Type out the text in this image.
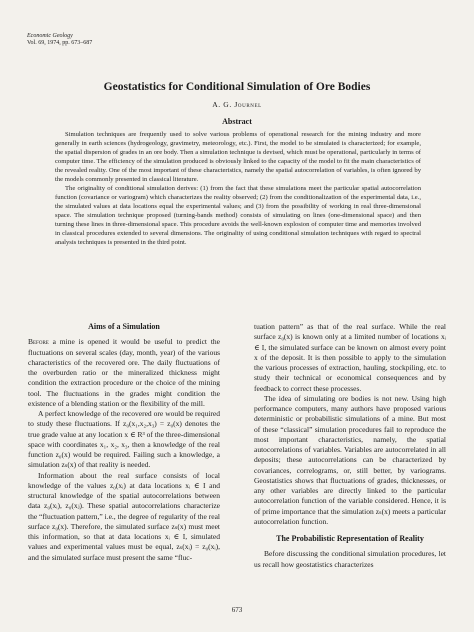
Economic Geology
Vol. 69, 1974, pp. 673–687
Geostatistics for Conditional Simulation of Ore Bodies
A. G. Journel
Abstract

Simulation techniques are frequently used to solve various problems of operational research for the mining industry and more generally in earth sciences (hydrogeology, gravimetry, meteorology, etc.). First, the model to be simulated is characterized; for example, the spatial dispersion of grades in an ore body. Then a simulation technique is devised, which must be operational, particularly in terms of computer time. The efficiency of the simulation produced is obviously linked to the capacity of the model to fit the main characteristics of the revealed reality. One of the most important of these characteristics, namely the spatial autocorrelation of variables, is often ignored by the models commonly presented in classical literature.

The originality of conditional simulation derives: (1) from the fact that these simulations meet the particular spatial autocorrelation function (covariance or variogram) which characterizes the reality observed; (2) from the conditionalization of the experimental data, i.e., the simulated values at data locations equal the experimental values; and (3) from the possibility of working in real three-dimensional space. The simulation technique proposed (turning-bands method) consists of simulating on lines (one-dimensional space) and then turning these lines in three-dimensional space. This procedure avoids the well-known explosion of computer time and memories involved in classical procedures extended to several dimensions. The originality of using conditional simulation techniques with regard to spectral analysis techniques is presented in the third point.

Aims of a Simulation

Before a mine is opened it would be useful to predict the fluctuations on several scales (day, month, year) of the various characteristics of the recovered ore. The daily fluctuations of the overburden ratio or the mineralized thickness might condition the extraction procedure or the choice of the mining tool. The fluctuations in the grades might condition the existence of a blending station or the flexibility of the mill.

A perfect knowledge of the recovered ore would be required to study these fluctuations. If z₀(x₁,x₂,x₃) = z₀(x) denotes the true grade value at any location x ∈ R³ of the three-dimensional space with coordinates x₁, x₂, x₃, then a knowledge of the real function z₀(x) would be required. Failing such a knowledge, a simulation zₛ(x) of that reality is needed.

Information about the real surface consists of local knowledge of the values z₀(xᵢ) at data locations xᵢ ∈ I and structural knowledge of the spatial autocorrelations between data z₀(xᵢ), z₀(xⱼ). These spatial autocorrelations characterize the “fluctuation pattern,” i.e., the degree of regularity of the real surface z₀(x). Therefore, the simulated surface zₛ(x) must meet this information, so that at data locations xᵢ ∈ I, simulated values and experimental values must be equal, zₛ(xᵢ) = z₀(xᵢ), and the simulated surface must present the same “fluc-

tuation pattern” as that of the real surface. While the real surface z₀(x) is known only at a limited number of locations xᵢ ∈ I, the simulated surface can be known on almost every point x of the deposit. It is then possible to apply to the simulation the various processes of extraction, hauling, stockpiling, etc. to study their technical or economical consequences and by feedback to correct these processes.

The idea of simulating ore bodies is not new. Using high performance computers, many authors have proposed various deterministic or probabilistic simulations of a mine. But most of these “classical” simulation procedures fail to reproduce the most important characteristics, namely, the spatial autocorrelations of variables. Variables are autocorrelated in all deposits; these autocorrelations can be characterized by covariances, correlograms, or, still better, by variograms. Geostatistics shows that fluctuations of grades, thicknesses, or any other variables are directly linked to the particular autocorrelation function of the variable considered. Hence, it is of prime importance that the simulation zₛ(x) meets a particular autocorrelation function.

The Probabilistic Representation of Reality

Before discussing the conditional simulation procedures, let us recall how geostatistics characterizes

673
